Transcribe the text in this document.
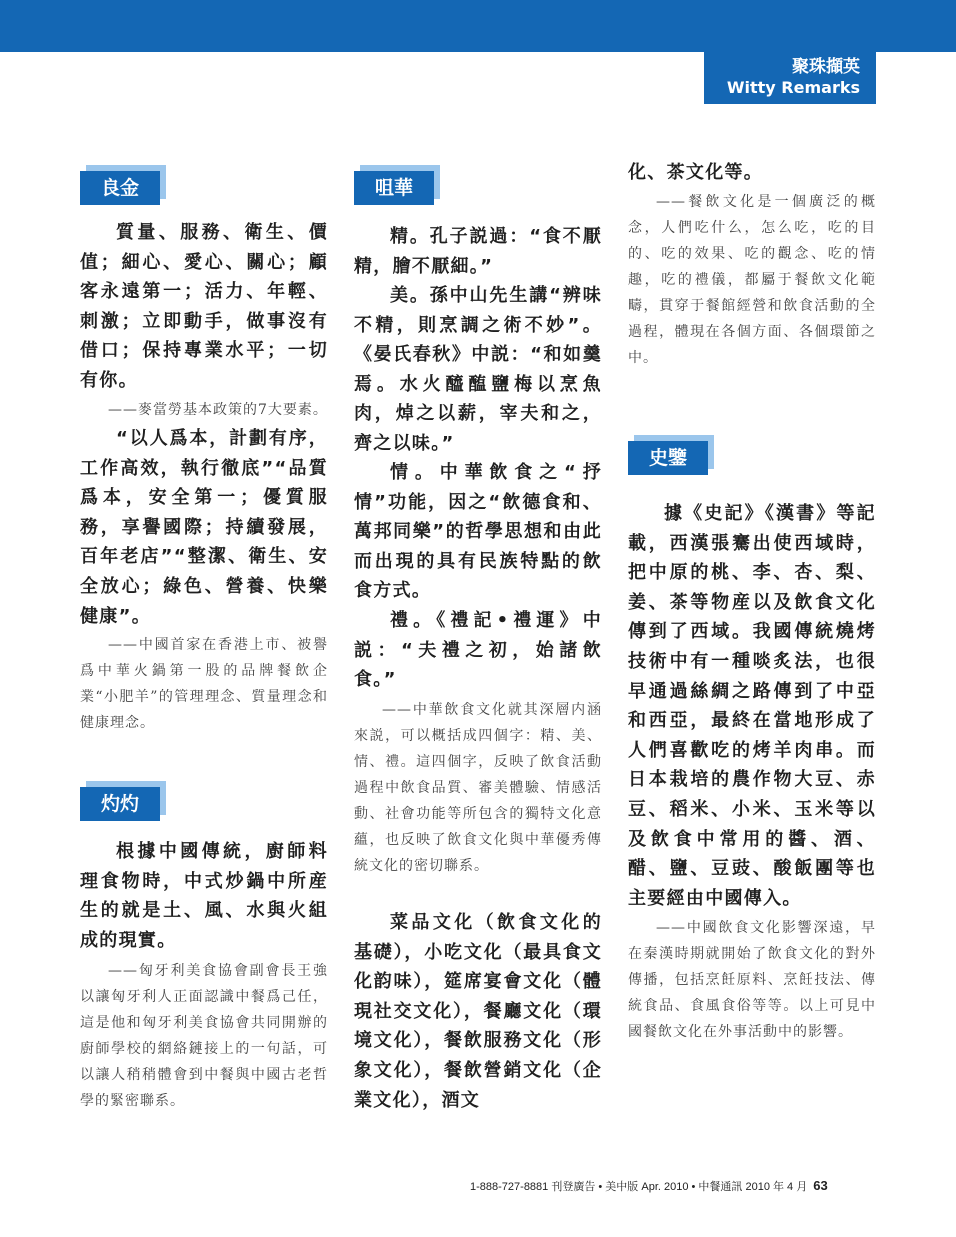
聚珠擷英
Witty Remarks
良金

質量、服務、衛生、價值；細心、愛心、關心；顧客永遠第一；活力、年輕、刺激；立即動手，做事沒有借口；保持專業水平；一切有你。

——麥當勞基本政策的7大要素。

“以人爲本，計劃有序，工作高效，執行徹底”“品質爲本，安全第一；優質服務，享譽國際；持續發展，百年老店”“整潔、衛生、安全放心；綠色、營養、快樂健康”。

——中國首家在香港上市、被譽爲中華火鍋第一股的品牌餐飲企業“小肥羊”的管理理念、質量理念和健康理念。

灼灼

根據中國傳統，廚師料理食物時，中式炒鍋中所産生的就是土、風、水與火組成的現實。

——匈牙利美食協會副會長王強以讓匈牙利人正面認識中餐爲己任，這是他和匈牙利美食協會共同開辦的廚師學校的網絡鏈接上的一句話，可以讓人稍稍體會到中餐與中國古老哲學的緊密聯系。

咀華

精。孔子説過：“食不厭精，膾不厭細。”

美。孫中山先生講“辨味不精，則烹調之術不妙”。《晏氏春秋》中説：“和如羹焉。水火醯醢鹽梅以烹魚肉，焯之以薪，宰夫和之，齊之以味。”

情。中華飲食之“抒情”功能，因之“飲德食和、萬邦同樂”的哲學思想和由此而出現的具有民族特點的飲食方式。

禮。《禮記•禮運》中説：“夫禮之初，始諸飲食。”

——中華飲食文化就其深層内涵來説，可以概括成四個字：精、美、情、禮。這四個字，反映了飲食活動過程中飲食品質、審美體驗、情感活動、社會功能等所包含的獨特文化意蘊，也反映了飲食文化與中華優秀傳統文化的密切聯系。

菜品文化（飲食文化的基礎），小吃文化（最具食文化韵味），筵席宴會文化（體現社交文化），餐廳文化（環境文化），餐飲服務文化（形象文化），餐飲營銷文化（企業文化），酒文

化、茶文化等。

——餐飲文化是一個廣泛的概念，人們吃什么，怎么吃，吃的目的、吃的效果、吃的觀念、吃的情趣，吃的禮儀，都屬于餐飲文化範疇，貫穿于餐館經營和飲食活動的全過程，體現在各個方面、各個環節之中。

史鑒

據《史記》《漢書》等記載，西漢張騫出使西域時，把中原的桃、李、杏、梨、姜、茶等物産以及飲食文化傳到了西域。我國傳統燒烤技術中有一種啖炙法，也很早通過絲綢之路傳到了中亞和西亞，最終在當地形成了人們喜歡吃的烤羊肉串。而日本栽培的農作物大豆、赤豆、稻米、小米、玉米等以及飲食中常用的醬、酒、醋、鹽、豆豉、酸飯團等也主要經由中國傳入。

——中國飲食文化影響深遠，早在秦漢時期就開始了飲食文化的對外傳播，包括烹飪原料、烹飪技法、傳統食品、食風食俗等等。以上可見中國餐飲文化在外事活動中的影響。

1-888-727-8881 刊登廣告 • 美中版 Apr. 2010 • 中餐通訊 2010 年 4 月 63
